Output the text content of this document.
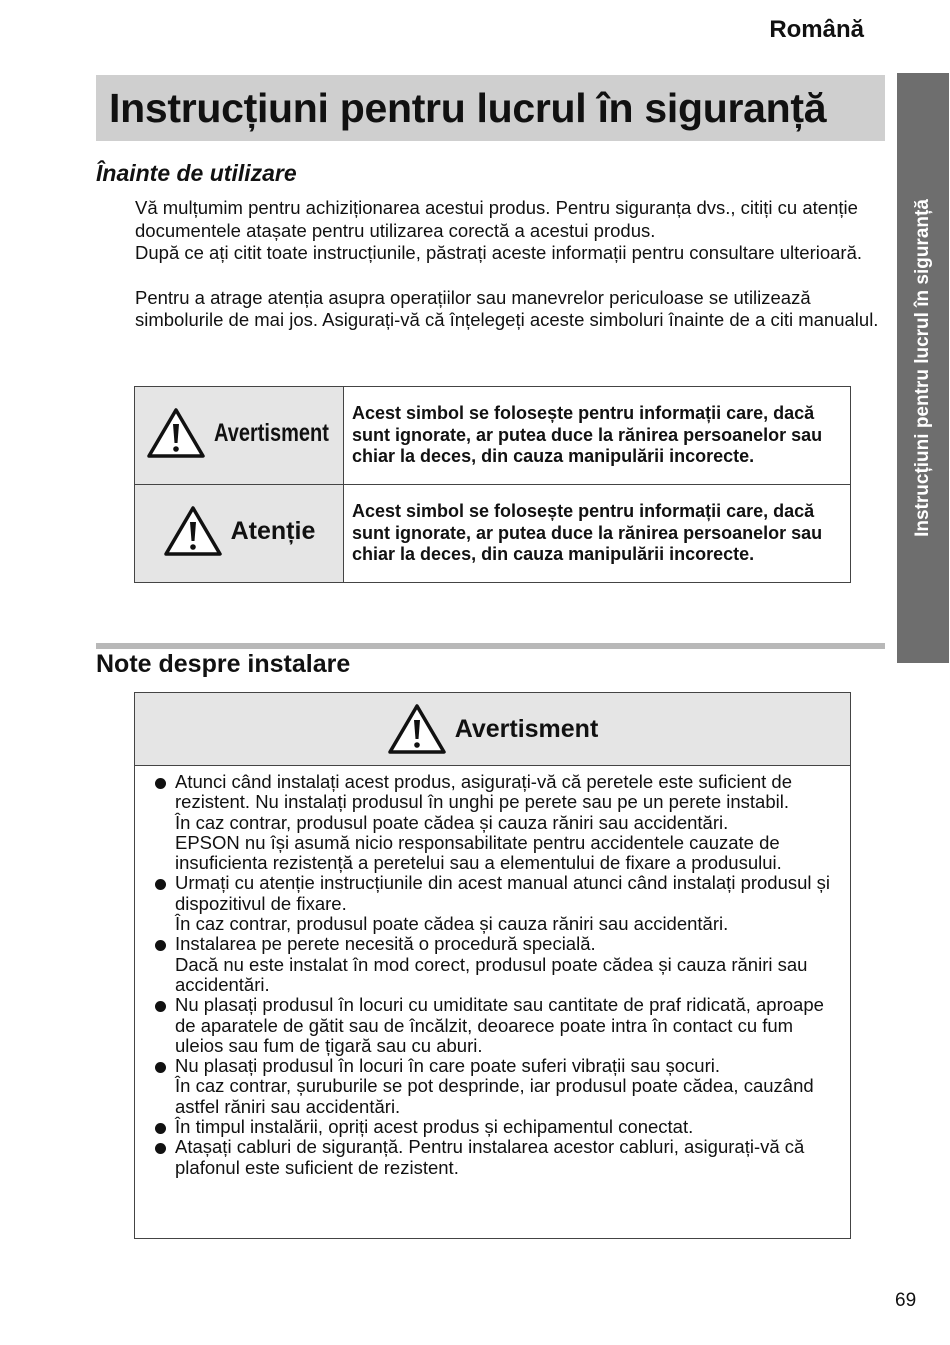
Română
Instrucțiuni pentru lucrul în siguranță
Instrucțiuni pentru lucrul în siguranță
Înainte de utilizare

Vă mulțumim pentru achiziționarea acestui produs. Pentru siguranța dvs., citiți cu atenție documentele atașate pentru utilizarea corectă a acestui produs.

După ce ați citit toate instrucțiunile, păstrați aceste informații pentru consultare ulterioară.

Pentru a atrage atenția asupra operațiilor sau manevrelor periculoase se utilizează simbolurile de mai jos. Asigurați-vă că înțelegeți aceste simboluri înainte de a citi manualul.

Avertisment	Acest simbol se folosește pentru informații care, dacă sunt ignorate, ar putea duce la rănirea persoanelor sau chiar la deces, din cauza manipulării incorecte.

Atenție	Acest simbol se folosește pentru informații care, dacă sunt ignorate, ar putea duce la rănirea persoanelor sau chiar la deces, din cauza manipulării incorecte.
Note despre instalare
Avertisment

Atunci când instalați acest produs, asigurați-vă că peretele este suficient de rezistent. Nu instalați produsul în unghi pe perete sau pe un perete instabil.

În caz contrar, produsul poate cădea și cauza răniri sau accidentări.

EPSON nu își asumă nicio responsabilitate pentru accidentele cauzate de insuficienta rezistență a peretelui sau a elementului de fixare a produsului.

Urmați cu atenție instrucțiunile din acest manual atunci când instalați produsul și dispozitivul de fixare.

În caz contrar, produsul poate cădea și cauza răniri sau accidentări.

Instalarea pe perete necesită o procedură specială.

Dacă nu este instalat în mod corect, produsul poate cădea și cauza răniri sau accidentări.

Nu plasați produsul în locuri cu umiditate sau cantitate de praf ridicată, aproape de aparatele de gătit sau de încălzit, deoarece poate intra în contact cu fum uleios sau fum de țigară sau cu aburi.

Nu plasați produsul în locuri în care poate suferi vibrații sau șocuri.

În caz contrar, șuruburile se pot desprinde, iar produsul poate cădea, cauzând astfel răniri sau accidentări.

În timpul instalării, opriți acest produs și echipamentul conectat.

Atașați cabluri de siguranță. Pentru instalarea acestor cabluri, asigurați-vă că plafonul este suficient de rezistent.

69
